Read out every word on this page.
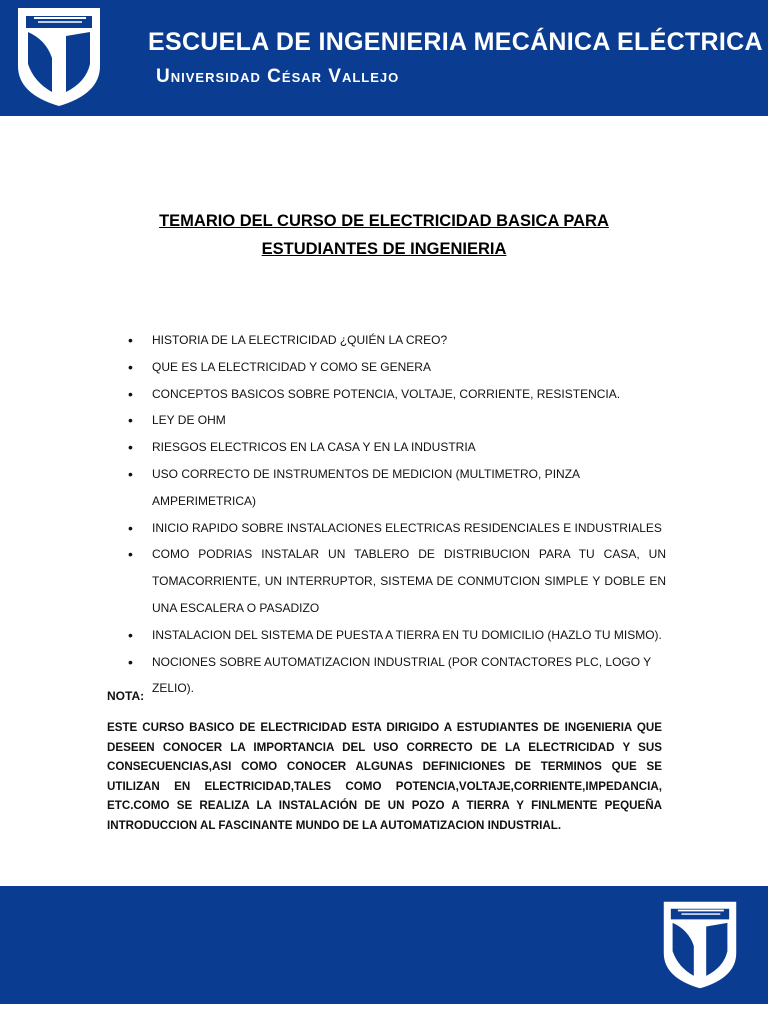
ESCUELA DE INGENIERIA MECÁNICA ELÉCTRICA
Universidad César Vallejo
TEMARIO DEL CURSO DE ELECTRICIDAD BASICA PARA
ESTUDIANTES DE INGENIERIA
• HISTORIA DE LA ELECTRICIDAD ¿QUIÉN LA CREO?
• QUE ES LA ELECTRICIDAD Y COMO SE GENERA
• CONCEPTOS BASICOS SOBRE POTENCIA, VOLTAJE, CORRIENTE, RESISTENCIA.
• LEY DE OHM
• RIESGOS ELECTRICOS EN LA CASA Y EN LA INDUSTRIA
• USO CORRECTO DE INSTRUMENTOS DE MEDICION (MULTIMETRO, PINZA AMPERIMETRICA)
• INICIO RAPIDO SOBRE INSTALACIONES ELECTRICAS RESIDENCIALES E INDUSTRIALES
• COMO PODRIAS INSTALAR UN TABLERO DE DISTRIBUCION PARA TU CASA, UN TOMACORRIENTE, UN INTERRUPTOR, SISTEMA DE CONMUTCION SIMPLE Y DOBLE EN UNA ESCALERA O PASADIZO
• INSTALACION DEL SISTEMA DE PUESTA A TIERRA EN TU DOMICILIO (HAZLO TU MISMO).
• NOCIONES SOBRE AUTOMATIZACION INDUSTRIAL (POR CONTACTORES PLC, LOGO Y ZELIO).
NOTA:
ESTE CURSO BASICO DE ELECTRICIDAD ESTA DIRIGIDO A ESTUDIANTES DE INGENIERIA QUE DESEEN CONOCER LA IMPORTANCIA DEL USO CORRECTO DE LA ELECTRICIDAD Y SUS CONSECUENCIAS,ASI COMO CONOCER ALGUNAS DEFINICIONES DE TERMINOS QUE SE UTILIZAN EN ELECTRICIDAD,TALES COMO POTENCIA,VOLTAJE,CORRIENTE,IMPEDANCIA, ETC.COMO SE REALIZA LA INSTALACIÓN DE UN POZO A TIERRA Y FINLMENTE PEQUEÑA INTRODUCCION AL FASCINANTE MUNDO DE LA AUTOMATIZACION INDUSTRIAL.
